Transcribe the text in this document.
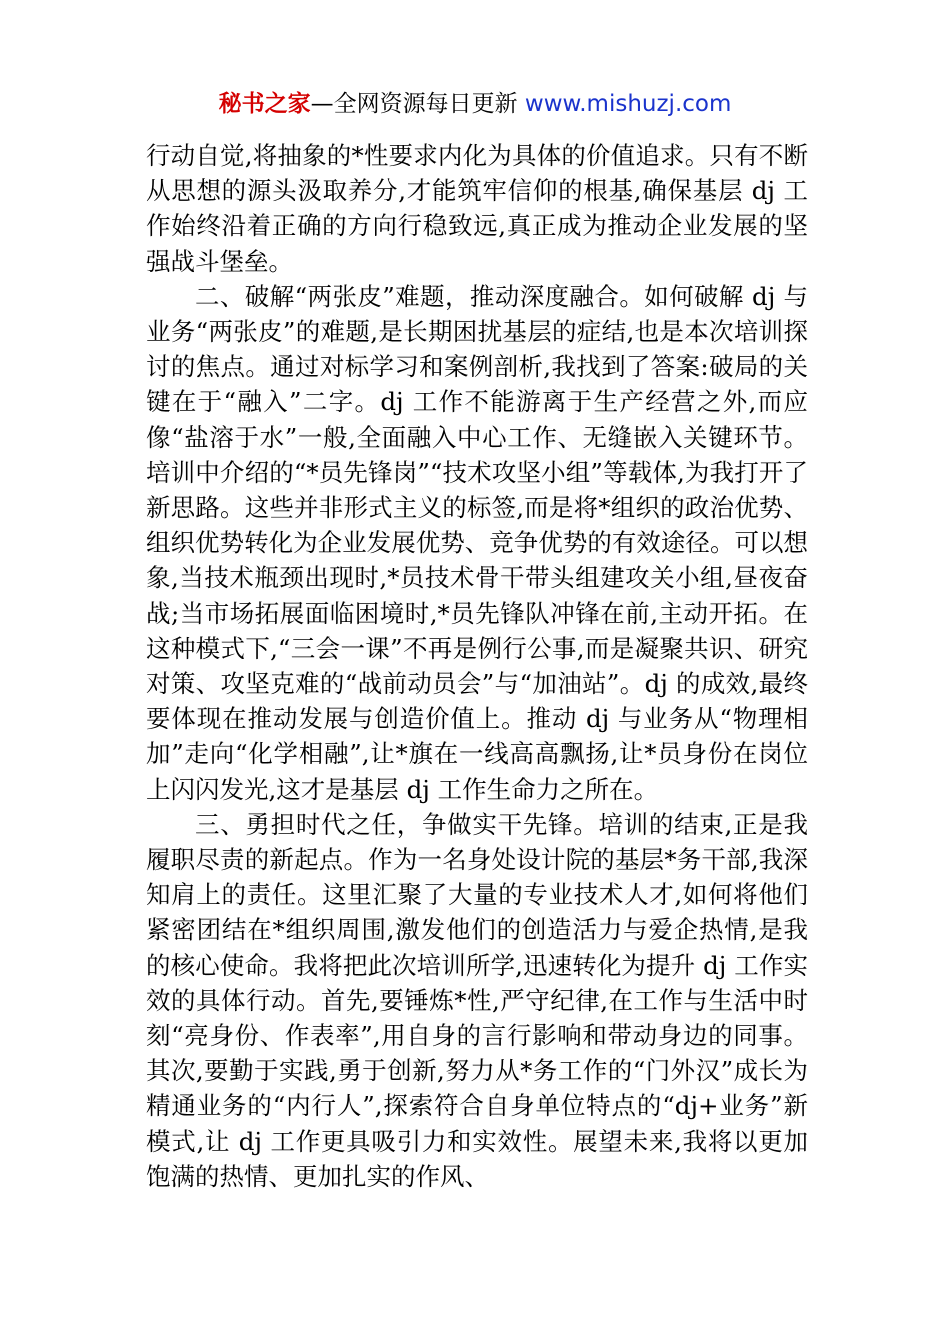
秘书之家—全网资源每日更新 www.mishuzj.com

行动自觉,将抽象的*性要求内化为具体的价值追求。只有不断从思想的源头汲取养分,才能筑牢信仰的根基,确保基层 dj 工作始终沿着正确的方向行稳致远,真正成为推动企业发展的坚强战斗堡垒。

二、破解“两张皮”难题，推动深度融合。如何破解 dj 与业务“两张皮”的难题,是长期困扰基层的症结,也是本次培训探讨的焦点。通过对标学习和案例剖析,我找到了答案:破局的关键在于“融入”二字。dj 工作不能游离于生产经营之外,而应像“盐溶于水”一般,全面融入中心工作、无缝嵌入关键环节。培训中介绍的“*员先锋岗”“技术攻坚小组”等载体,为我打开了新思路。这些并非形式主义的标签,而是将*组织的政治优势、组织优势转化为企业发展优势、竞争优势的有效途径。可以想象,当技术瓶颈出现时,*员技术骨干带头组建攻关小组,昼夜奋战;当市场拓展面临困境时,*员先锋队冲锋在前,主动开拓。在这种模式下,“三会一课”不再是例行公事,而是凝聚共识、研究对策、攻坚克难的“战前动员会”与“加油站”。dj 的成效,最终要体现在推动发展与创造价值上。推动 dj 与业务从“物理相加”走向“化学相融”,让*旗在一线高高飘扬,让*员身份在岗位上闪闪发光,这才是基层 dj 工作生命力之所在。

三、勇担时代之任，争做实干先锋。培训的结束,正是我履职尽责的新起点。作为一名身处设计院的基层*务干部,我深知肩上的责任。这里汇聚了大量的专业技术人才,如何将他们紧密团结在*组织周围,激发他们的创造活力与爱企热情,是我的核心使命。我将把此次培训所学,迅速转化为提升 dj 工作实效的具体行动。首先,要锤炼*性,严守纪律,在工作与生活中时刻“亮身份、作表率”,用自身的言行影响和带动身边的同事。其次,要勤于实践,勇于创新,努力从*务工作的“门外汉”成长为精通业务的“内行人”,探索符合自身单位特点的“dj+业务”新模式,让 dj 工作更具吸引力和实效性。展望未来,我将以更加饱满的热情、更加扎实的作风、
